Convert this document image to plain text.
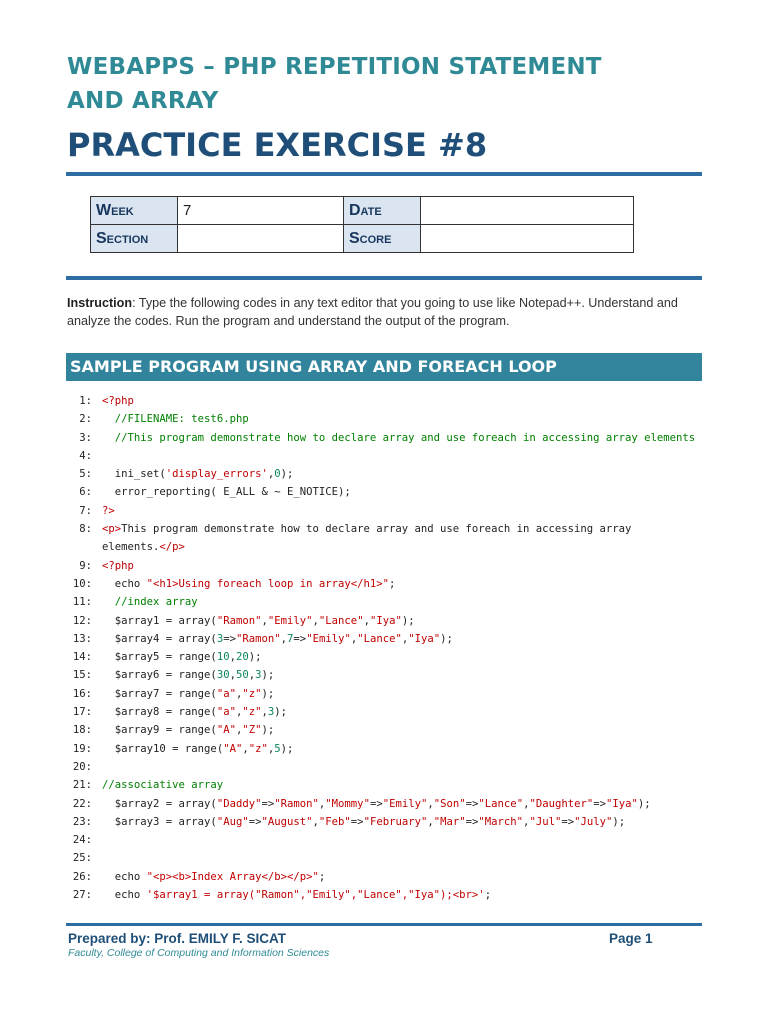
WEBAPPS – PHP REPETITION STATEMENT
AND ARRAY
PRACTICE EXERCISE #8
Week	7	Date	
Section		Score	
Instruction: Type the following codes in any text editor that you going to use like Notepad++. Understand and analyze the codes. Run the program and understand the output of the program.
SAMPLE PROGRAM USING ARRAY AND FOREACH LOOP
1: <?php
2:	//FILENAME: test6.php
3:	//This program demonstrate how to declare array and use foreach in accessing array elements
4:
5:	ini_set('display_errors',0);
6:	error_reporting( E_ALL & ~ E_NOTICE);
7: ?>
8: <p>This program demonstrate how to declare array and use foreach in accessing array
elements.</p>
9: <?php
10:	echo "<h1>Using foreach loop in array</h1>";
11:	//index array
12:	$array1 = array("Ramon","Emily","Lance","Iya");
13:	$array4 = array(3=>"Ramon",7=>"Emily","Lance","Iya");
14:	$array5 = range(10,20);
15:	$array6 = range(30,50,3);
16:	$array7 = range("a","z");
17:	$array8 = range("a","z",3);
18:	$array9 = range("A","Z");
19:	$array10 = range("A","z",5);
20:
21: //associative array
22:	$array2 = array("Daddy"=>"Ramon","Mommy"=>"Emily","Son"=>"Lance","Daughter"=>"Iya");
23:	$array3 = array("Aug"=>"August","Feb"=>"February","Mar"=>"March","Jul"=>"July");
24:
25:
26:	echo "<p><b>Index Array</b></p>";
27:	echo '$array1 = array("Ramon","Emily","Lance","Iya");<br>';
Prepared by: Prof. EMILY F. SICAT	Page 1
Faculty, College of Computing and Information Sciences
